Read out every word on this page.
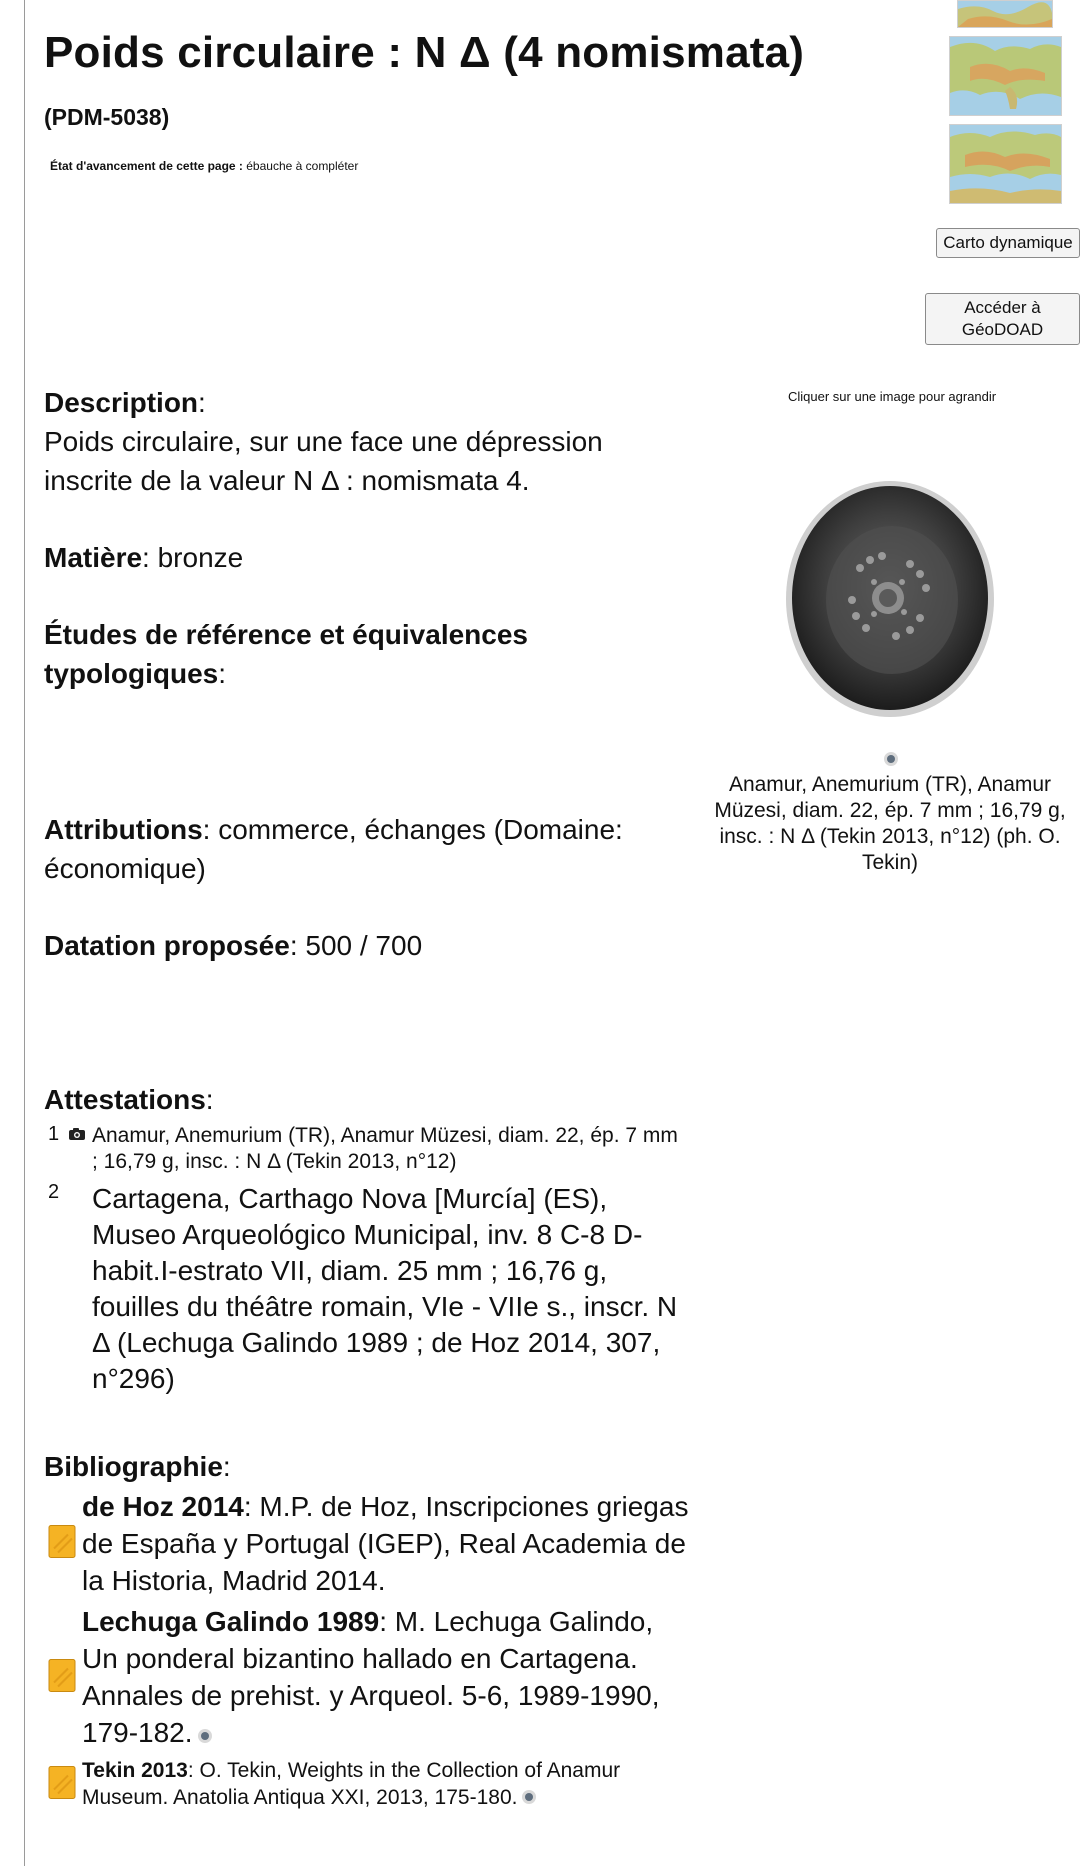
Poids circulaire : N Δ (4 nomismata)
(PDM-5038)
État d'avancement de cette page : ébauche à compléter
Carto dynamique
Accéder à
GéoDOAD
Cliquer sur une image pour agrandir
Anamur, Anemurium (TR), Anamur Müzesi, diam. 22, ép. 7 mm ; 16,79 g, insc. : N Δ (Tekin 2013, n°12) (ph. O. Tekin)
Description:
Poids circulaire, sur une face une dépression inscrite de la valeur N Δ : nomismata 4.
Matière: bronze
Études de référence et équivalences typologiques:
Attributions: commerce, échanges (Domaine: économique)
Datation proposée: 500 / 700
Attestations:
1 Anamur, Anemurium (TR), Anamur Müzesi, diam. 22, ép. 7 mm ; 16,79 g, insc. : N Δ (Tekin 2013, n°12)
2 Cartagena, Carthago Nova [Murcía] (ES), Museo Arqueológico Municipal, inv. 8 C-8 D-habit.I-estrato VII, diam. 25 mm ; 16,76 g, fouilles du théâtre romain, VIe - VIIe s., inscr. N Δ (Lechuga Galindo 1989 ; de Hoz 2014, 307, n°296)
Bibliographie:
de Hoz 2014: M.P. de Hoz, Inscripciones griegas de España y Portugal (IGEP), Real Academia de la Historia, Madrid 2014.
Lechuga Galindo 1989: M. Lechuga Galindo, Un ponderal bizantino hallado en Cartagena. Annales de prehist. y Arqueol. 5-6, 1989-1990, 179-182.
Tekin 2013: O. Tekin, Weights in the Collection of Anamur Museum. Anatolia Antiqua XXI, 2013, 175-180.
